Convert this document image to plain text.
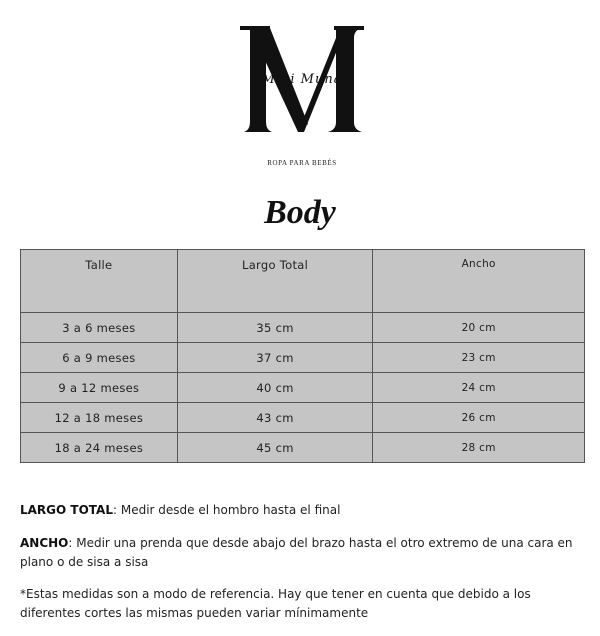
Mini Muna
ROPA PARA BEBÉS
Body
Talle	Largo Total	Ancho
3 a 6 meses	35 cm	20 cm
6 a 9 meses	37 cm	23 cm
9 a 12 meses	40 cm	24 cm
12 a 18 meses	43 cm	26 cm
18 a 24 meses	45 cm	28 cm
LARGO TOTAL: Medir desde el hombro hasta el final
ANCHO: Medir una prenda que desde abajo del brazo hasta el otro extremo de una cara en plano o de sisa a sisa
*Estas medidas son a modo de referencia. Hay que tener en cuenta que debido a los diferentes cortes las mismas pueden variar mínimamente
